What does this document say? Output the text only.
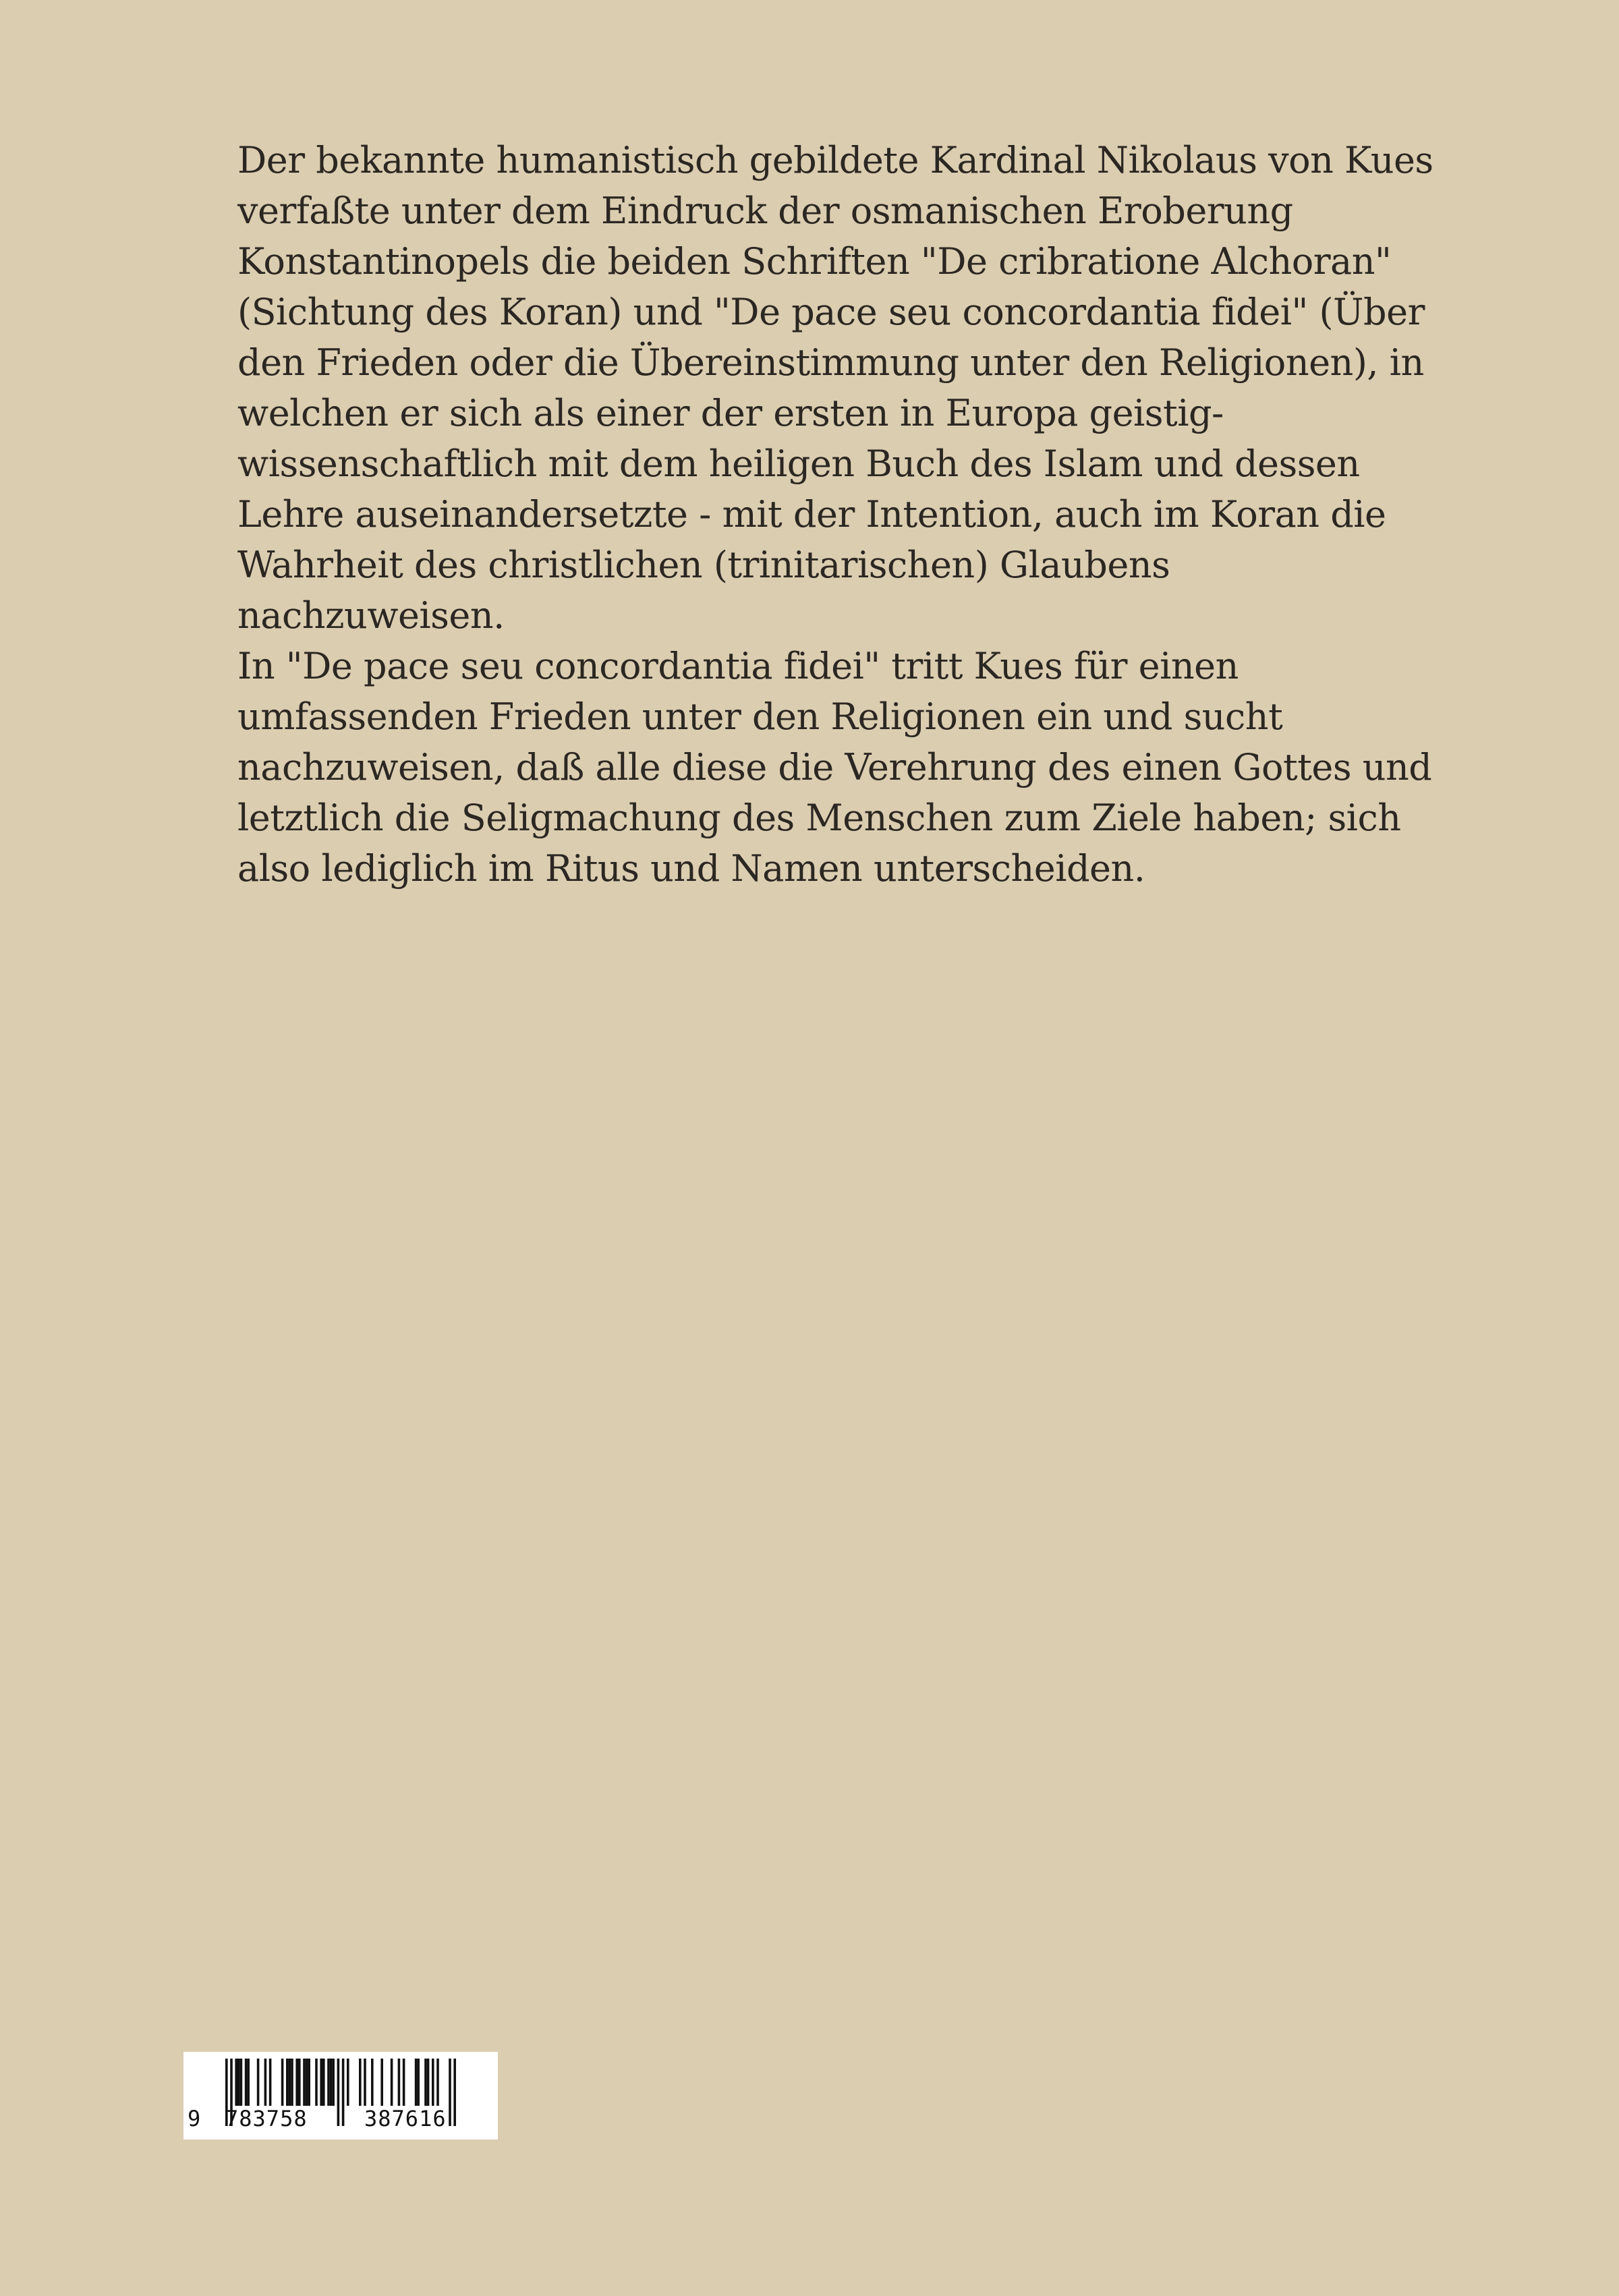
Der bekannte humanistisch gebildete Kardinal Nikolaus von Kues
verfaßte unter dem Eindruck der osmanischen Eroberung
Konstantinopels die beiden Schriften "De cribratione Alchoran"
(Sichtung des Koran) und "De pace seu concordantia fidei" (Über
den Frieden oder die Übereinstimmung unter den Religionen), in
welchen er sich als einer der ersten in Europa geistig-
wissenschaftlich mit dem heiligen Buch des Islam und dessen
Lehre auseinandersetzte - mit der Intention, auch im Koran die
Wahrheit des christlichen (trinitarischen) Glaubens
nachzuweisen.
In "De pace seu concordantia fidei" tritt Kues für einen
umfassenden Frieden unter den Religionen ein und sucht
nachzuweisen, daß alle diese die Verehrung des einen Gottes und
letztlich die Seligmachung des Menschen zum Ziele haben; sich
also lediglich im Ritus und Namen unterscheiden.
9 783758	387616
